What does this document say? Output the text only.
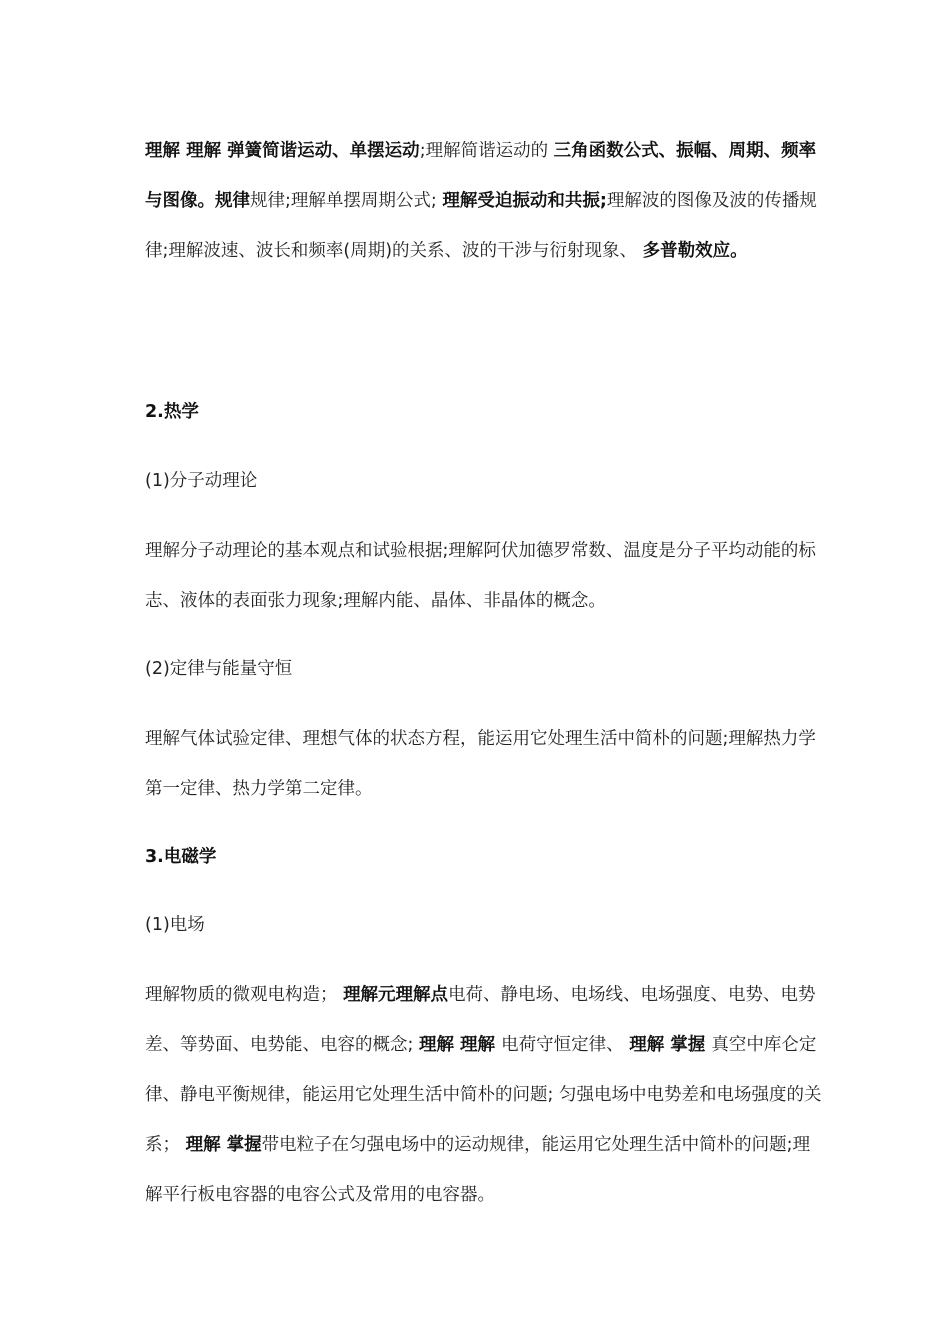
理解 理解 弹簧简谐运动、单摆运动;理解简谐运动的 三角函数公式、振幅、周期、频率与图像。规律规律;理解单摆周期公式; 理解受迫振动和共振;理解波的图像及波的传播规律;理解波速、波长和频率(周期)的关系、波的干涉与衍射现象、 多普勒效应。

2.热学

(1)分子动理论

理解分子动理论的基本观点和试验根据;理解阿伏加德罗常数、温度是分子平均动能的标志、液体的表面张力现象;理解内能、晶体、非晶体的概念。

(2)定律与能量守恒

理解气体试验定律、理想气体的状态方程，能运用它处理生活中简朴的问题;理解热力学第一定律、热力学第二定律。

3.电磁学

(1)电场

理解物质的微观电构造； 理解元理解点电荷、静电场、电场线、电场强度、电势、电势差、等势面、电势能、电容的概念; 理解 理解 电荷守恒定律、 理解 掌握 真空中库仑定律、静电平衡规律，能运用它处理生活中简朴的问题; 匀强电场中电势差和电场强度的关系； 理解 掌握带电粒子在匀强电场中的运动规律，能运用它处理生活中简朴的问题;理解平行板电容器的电容公式及常用的电容器。
